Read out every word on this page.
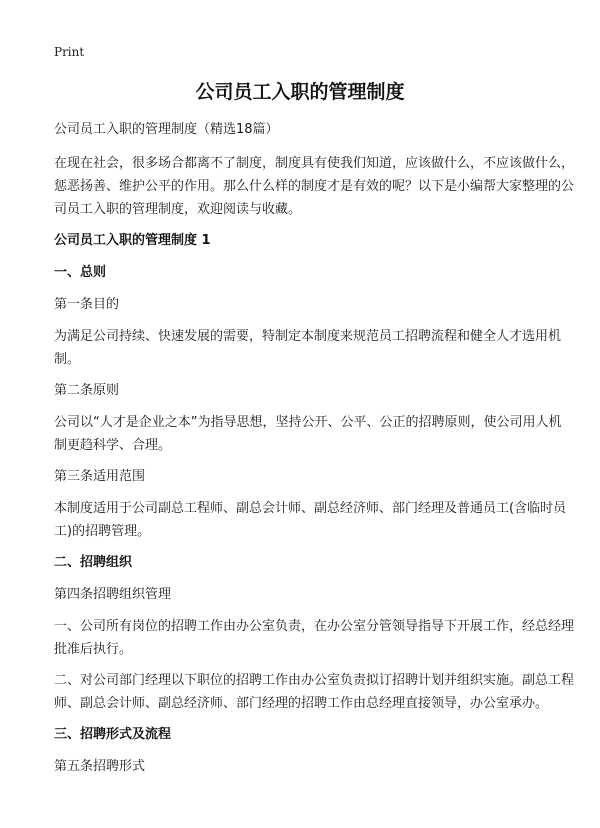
Print
公司员工入职的管理制度

公司员工入职的管理制度（精选18篇）

在现在社会，很多场合都离不了制度，制度具有使我们知道，应该做什么，不应该做什么，惩恶扬善、维护公平的作用。那么什么样的制度才是有效的呢？以下是小编帮大家整理的公司员工入职的管理制度，欢迎阅读与收藏。

公司员工入职的管理制度 1

一、总则

第一条目的

为满足公司持续、快速发展的需要，特制定本制度来规范员工招聘流程和健全人才选用机制。

第二条原则

公司以“人才是企业之本”为指导思想，坚持公开、公平、公正的招聘原则，使公司用人机制更趋科学、合理。

第三条适用范围

本制度适用于公司副总工程师、副总会计师、副总经济师、部门经理及普通员工(含临时员工)的招聘管理。

二、招聘组织

第四条招聘组织管理

一、公司所有岗位的招聘工作由办公室负责，在办公室分管领导指导下开展工作，经总经理批准后执行。

二、对公司部门经理以下职位的招聘工作由办公室负责拟订招聘计划并组织实施。副总工程师、副总会计师、副总经济师、部门经理的招聘工作由总经理直接领导，办公室承办。

三、招聘形式及流程

第五条招聘形式
